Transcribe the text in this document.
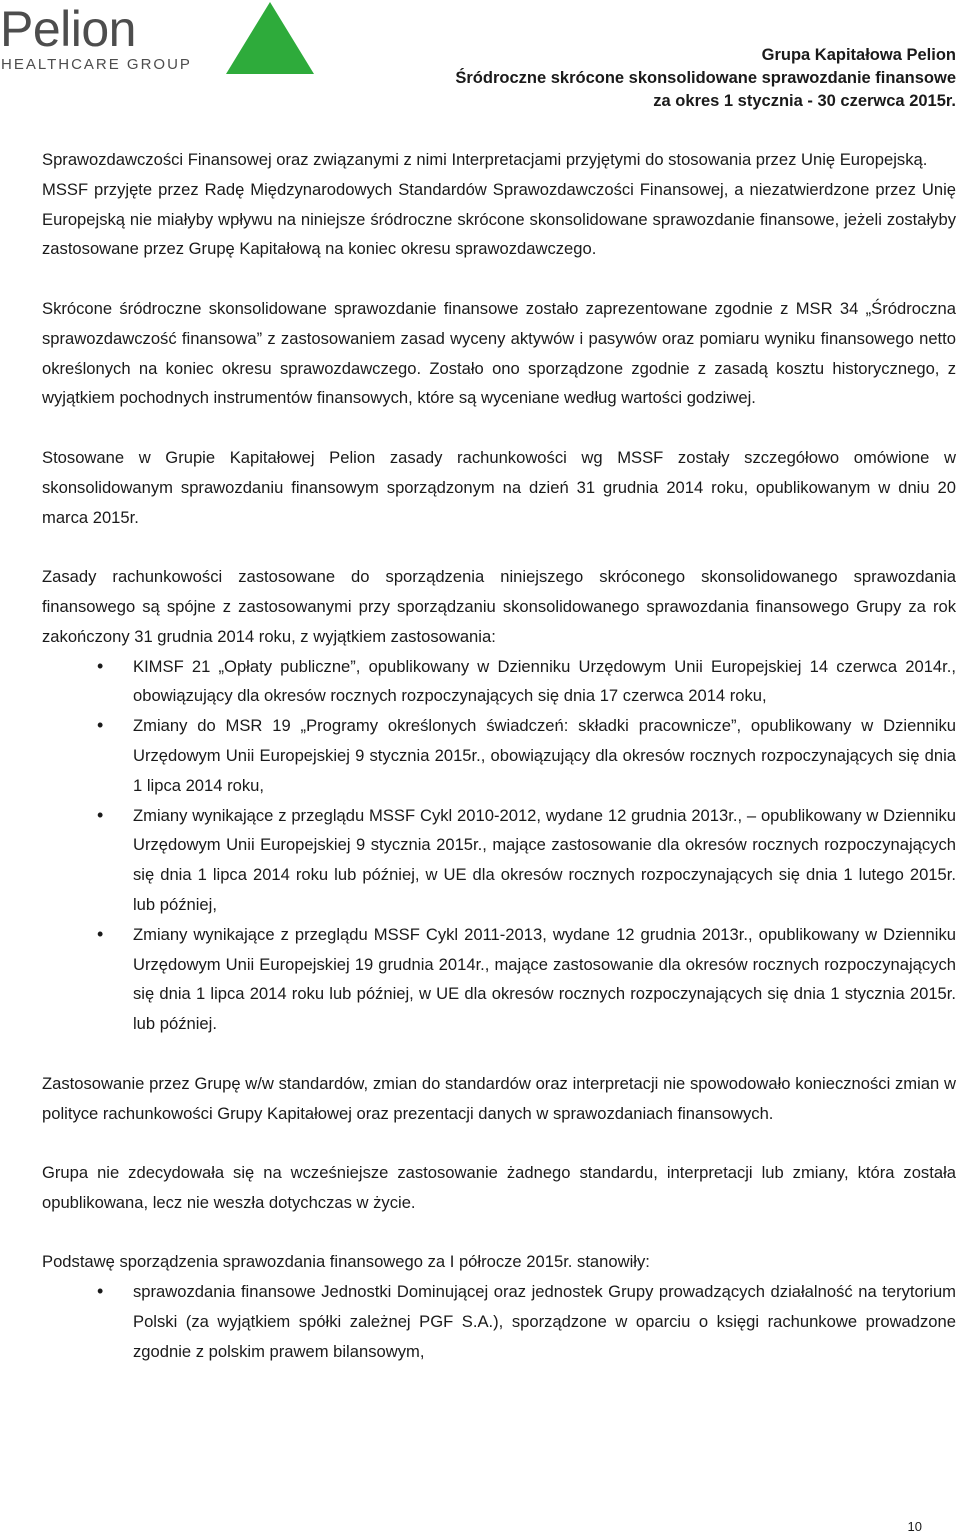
Pelion
HEALTHCARE GROUP
Grupa Kapitałowa Pelion
Śródroczne skrócone skonsolidowane sprawozdanie finansowe
za okres 1 stycznia - 30 czerwca 2015r.

Sprawozdawczości Finansowej oraz związanymi z nimi Interpretacjami przyjętymi do stosowania przez Unię Europejską.

MSSF przyjęte przez Radę Międzynarodowych Standardów Sprawozdawczości Finansowej, a niezatwierdzone przez Unię Europejską nie miałyby wpływu na niniejsze śródroczne skrócone skonsolidowane sprawozdanie finansowe, jeżeli zostałyby zastosowane przez Grupę Kapitałową na koniec okresu sprawozdawczego.

Skrócone śródroczne skonsolidowane sprawozdanie finansowe zostało zaprezentowane zgodnie z MSR 34 „Śródroczna sprawozdawczość finansowa” z zastosowaniem zasad wyceny aktywów i pasywów oraz pomiaru wyniku finansowego netto określonych na koniec okresu sprawozdawczego. Zostało ono sporządzone zgodnie z zasadą kosztu historycznego, z wyjątkiem pochodnych instrumentów finansowych, które są wyceniane według wartości godziwej.

Stosowane w Grupie Kapitałowej Pelion zasady rachunkowości wg MSSF zostały szczegółowo omówione w skonsolidowanym sprawozdaniu finansowym sporządzonym na dzień 31 grudnia 2014 roku, opublikowanym w dniu 20 marca 2015r.

Zasady rachunkowości zastosowane do sporządzenia niniejszego skróconego skonsolidowanego sprawozdania finansowego są spójne z zastosowanymi przy sporządzaniu skonsolidowanego sprawozdania finansowego Grupy za rok zakończony 31 grudnia 2014 roku, z wyjątkiem zastosowania:

• KIMSF 21 „Opłaty publiczne”, opublikowany w Dzienniku Urzędowym Unii Europejskiej 14 czerwca 2014r., obowiązujący dla okresów rocznych rozpoczynających się dnia 17 czerwca 2014 roku,
• Zmiany do MSR 19 „Programy określonych świadczeń: składki pracownicze”, opublikowany w Dzienniku Urzędowym Unii Europejskiej 9 stycznia 2015r., obowiązujący dla okresów rocznych rozpoczynających się dnia 1 lipca 2014 roku,
• Zmiany wynikające z przeglądu MSSF Cykl 2010-2012, wydane 12 grudnia 2013r., – opublikowany w Dzienniku Urzędowym Unii Europejskiej 9 stycznia 2015r., mające zastosowanie dla okresów rocznych rozpoczynających się dnia 1 lipca 2014 roku lub później, w UE dla okresów rocznych rozpoczynających się dnia 1 lutego 2015r. lub później,
• Zmiany wynikające z przeglądu MSSF Cykl 2011-2013, wydane 12 grudnia 2013r., opublikowany w Dzienniku Urzędowym Unii Europejskiej 19 grudnia 2014r., mające zastosowanie dla okresów rocznych rozpoczynających się dnia 1 lipca 2014 roku lub później, w UE dla okresów rocznych rozpoczynających się dnia 1 stycznia 2015r. lub później.

Zastosowanie przez Grupę w/w standardów, zmian do standardów oraz interpretacji nie spowodowało konieczności zmian w polityce rachunkowości Grupy Kapitałowej oraz prezentacji danych w sprawozdaniach finansowych.

Grupa nie zdecydowała się na wcześniejsze zastosowanie żadnego standardu, interpretacji lub zmiany, która została opublikowana, lecz nie weszła dotychczas w życie.

Podstawę sporządzenia sprawozdania finansowego za I półrocze 2015r. stanowiły:

• sprawozdania finansowe Jednostki Dominującej oraz jednostek Grupy prowadzących działalność na terytorium Polski (za wyjątkiem spółki zależnej PGF S.A.), sporządzone w oparciu o księgi rachunkowe prowadzone zgodnie z polskim prawem bilansowym,
10
